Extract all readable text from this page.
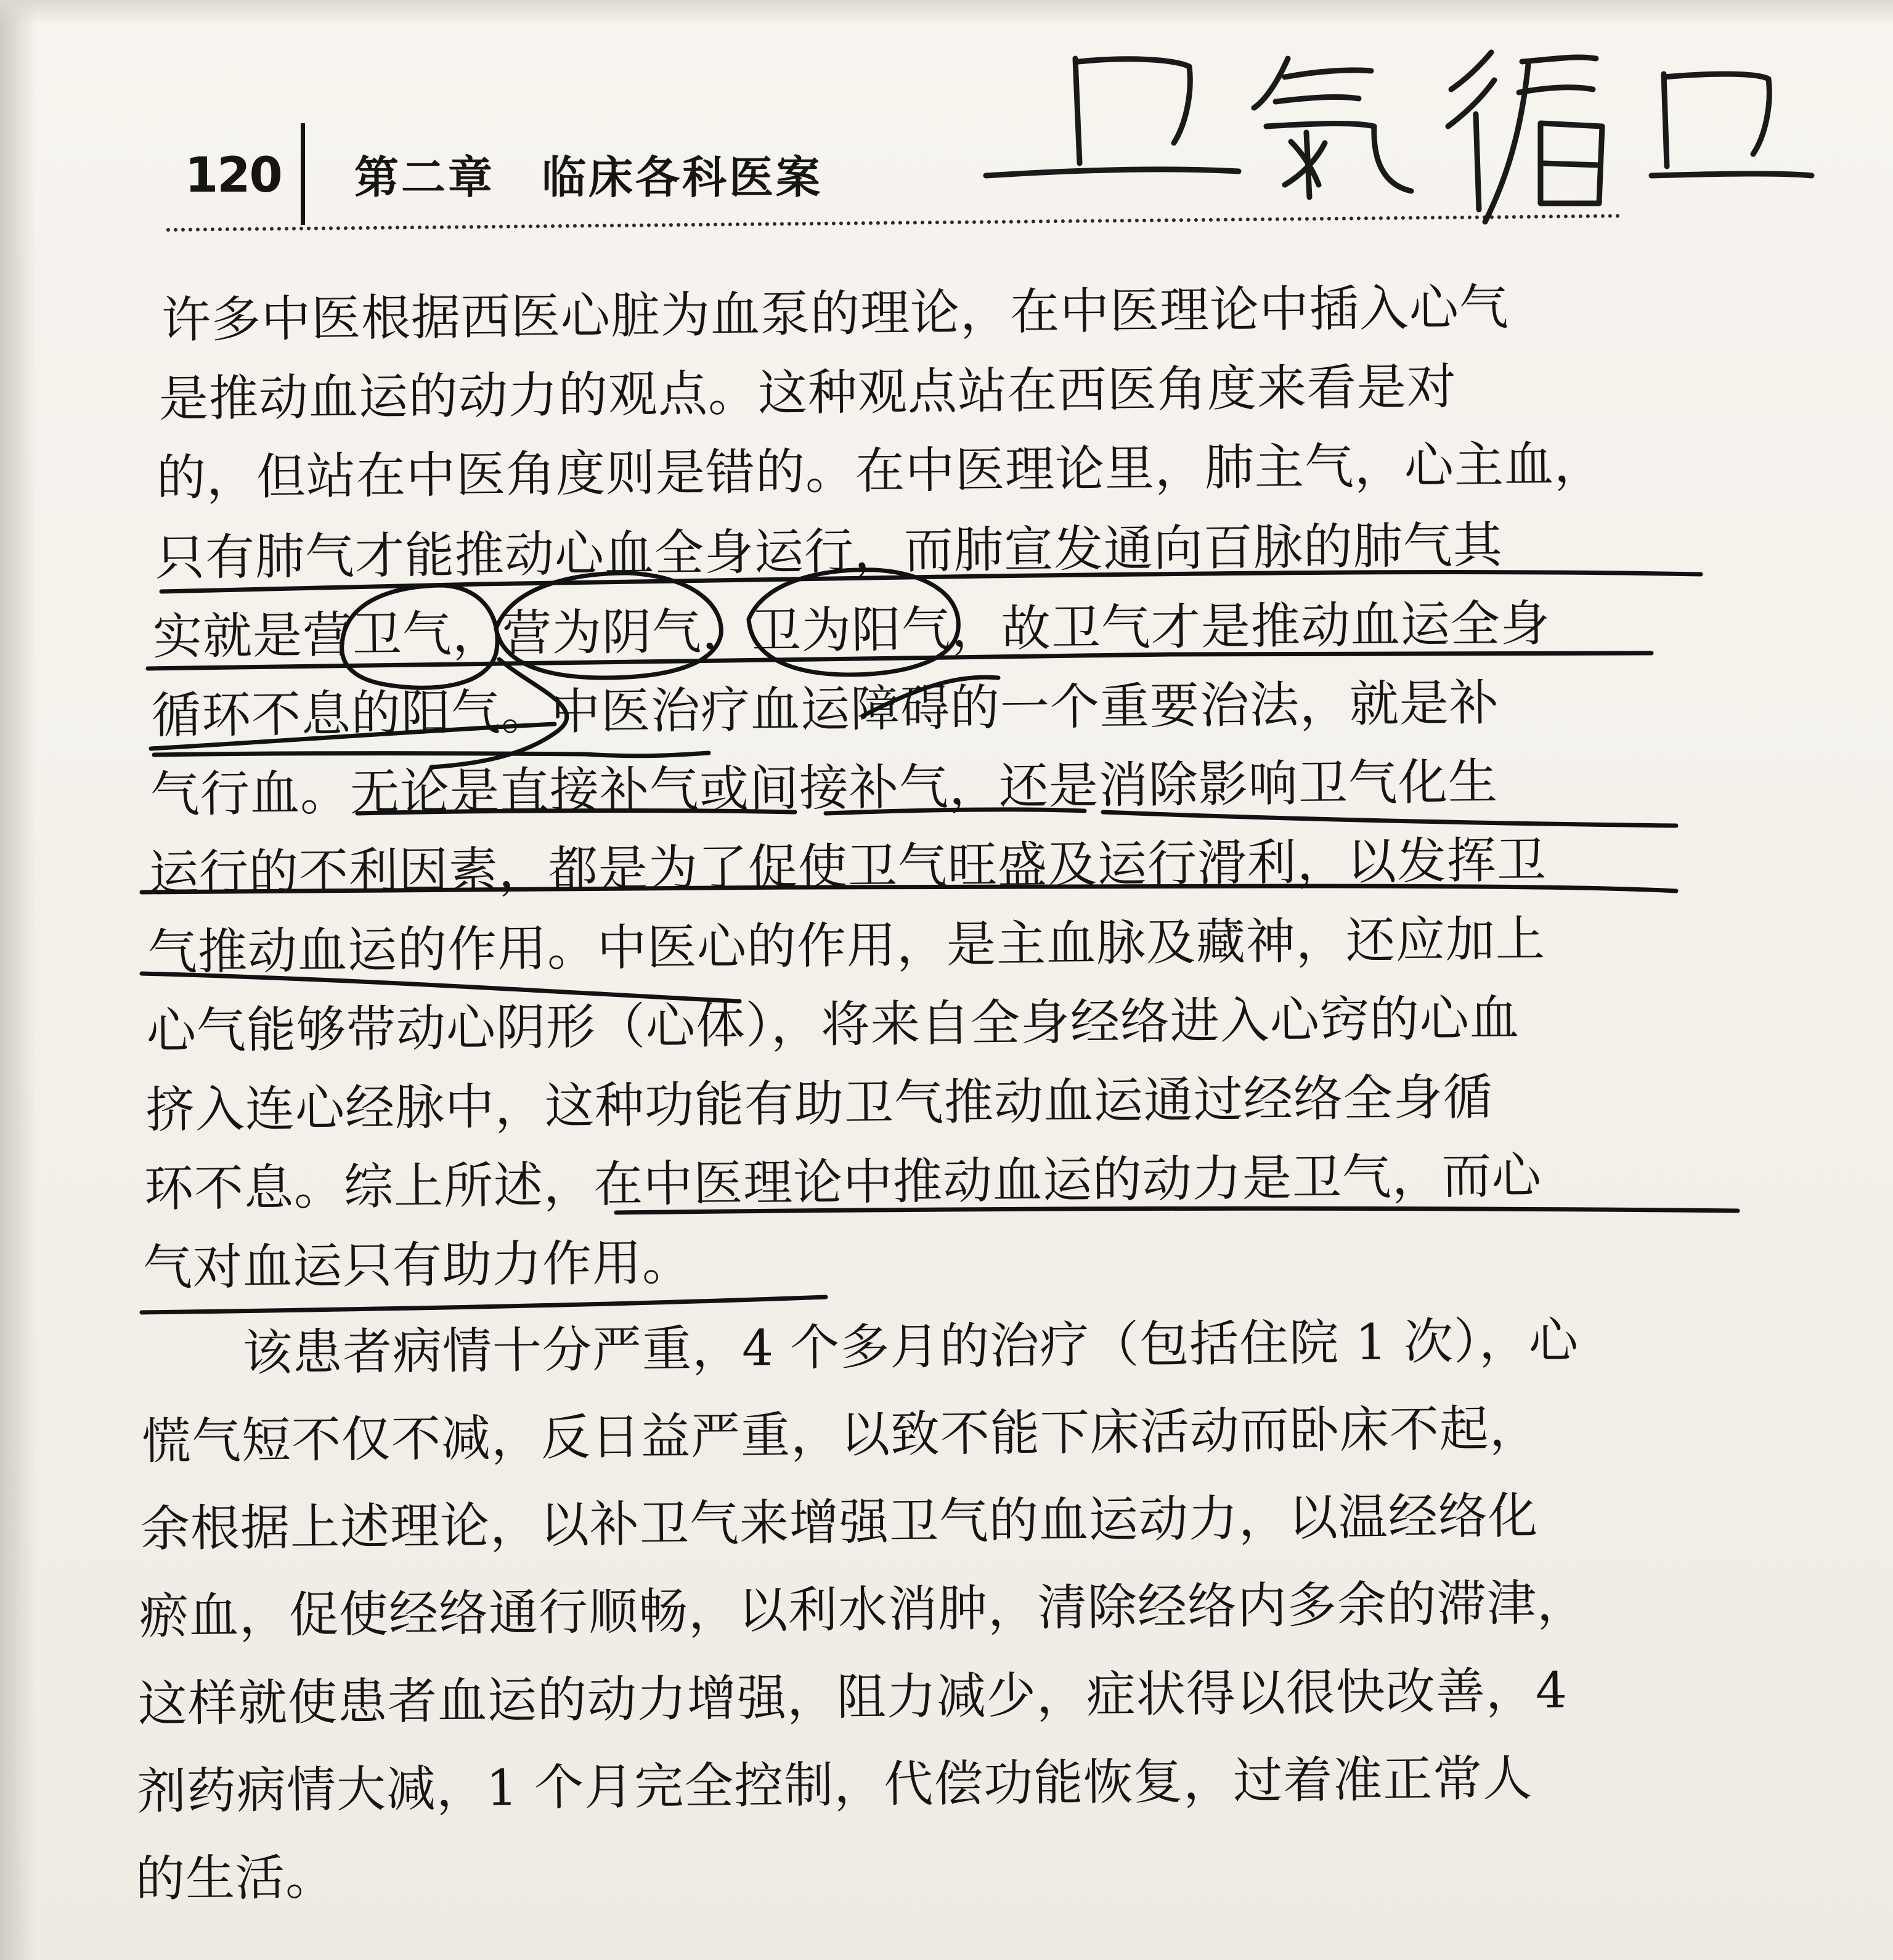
120 第二章　临床各科医案
许多中医根据西医心脏为血泵的理论，在中医理论中插入心气
是推动血运的动力的观点。这种观点站在西医角度来看是对
的，但站在中医角度则是错的。在中医理论里，肺主气，心主血，
只有肺气才能推动心血全身运行，而肺宣发通向百脉的肺气其
实就是营卫气，营为阴气，卫为阳气，故卫气才是推动血运全身
循环不息的阳气。中医治疗血运障碍的一个重要治法，就是补
气行血。无论是直接补气或间接补气，还是消除影响卫气化生
运行的不利因素，都是为了促使卫气旺盛及运行滑利，以发挥卫
气推动血运的作用。中医心的作用，是主血脉及藏神，还应加上
心气能够带动心阴形（心体），将来自全身经络进入心窍的心血
挤入连心经脉中，这种功能有助卫气推动血运通过经络全身循
环不息。综上所述，在中医理论中推动血运的动力是卫气，而心
气对血运只有助力作用。
　　该患者病情十分严重，4 个多月的治疗（包括住院 1 次），心
慌气短不仅不减，反日益严重，以致不能下床活动而卧床不起，
余根据上述理论，以补卫气来增强卫气的血运动力，以温经络化
瘀血，促使经络通行顺畅，以利水消肿，清除经络内多余的滞津，
这样就使患者血运的动力增强，阻力减少，症状得以很快改善，4
剂药病情大减，1 个月完全控制，代偿功能恢复，过着准正常人
的生活。
